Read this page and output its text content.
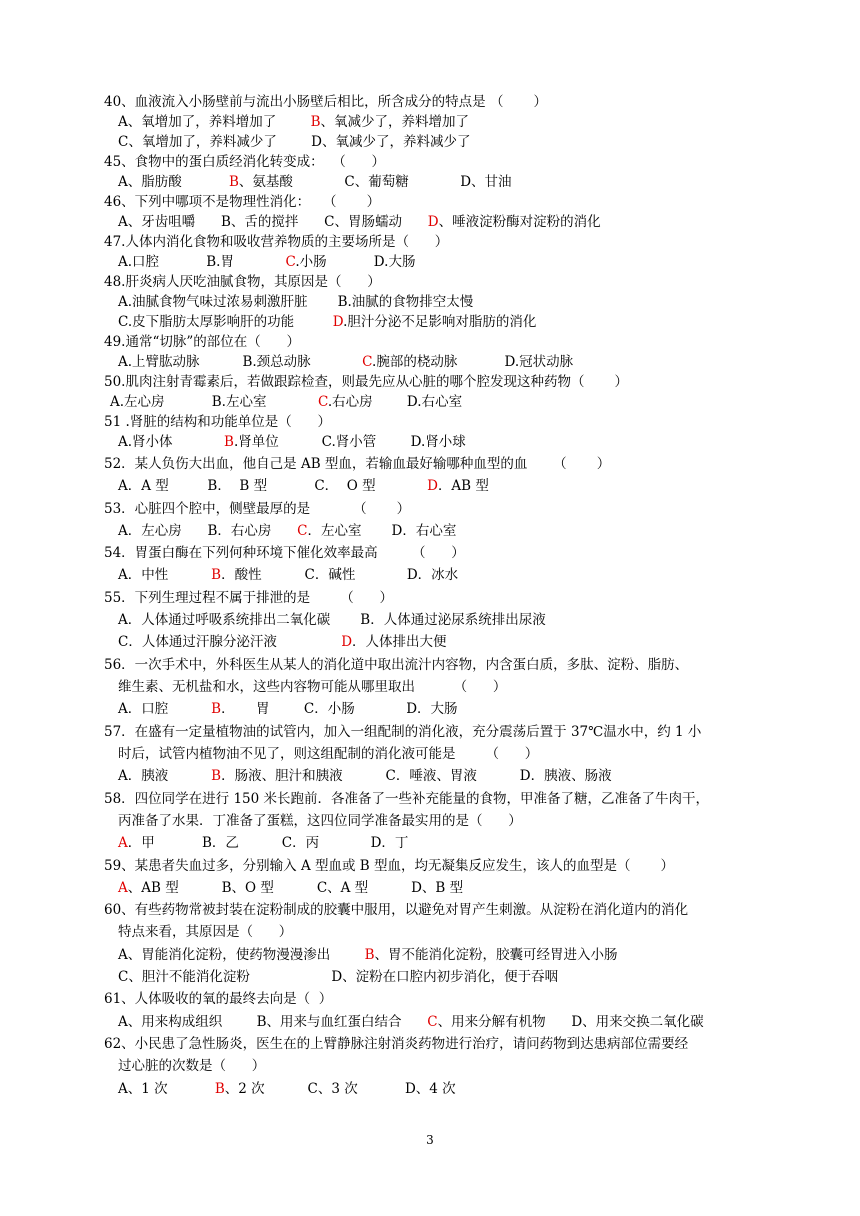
40、血液流入小肠壁前与流出小肠壁后相比，所含成分的特点是 （       ）
A、氧增加了，养料增加了        B、氧减少了，养料增加了
C、氧增加了，养料减少了        D、氧减少了，养料减少了
45、食物中的蛋白质经消化转变成：  （      ）
A、脂肪酸           B、氨基酸            C、葡萄糖            D、甘油
46、下列中哪项不是物理性消化：   （       ）
A、牙齿咀嚼      B、舌的搅拌      C、胃肠蠕动      D、唾液淀粉酶对淀粉的消化
47.人体内消化食物和吸收营养物质的主要场所是（      ）
A.口腔           B.胃            C.小肠           D.大肠
48.肝炎病人厌吃油腻食物，其原因是（      ）
A.油腻食物气味过浓易刺激肝脏       B.油腻的食物排空太慢
C.皮下脂肪太厚影响肝的功能         D.胆汁分泌不足影响对脂肪的消化
49.通常“切脉”的部位在（      ）
A.上臂肱动脉          B.颈总动脉            C.腕部的桡动脉           D.冠状动脉
50.肌肉注射青霉素后，若做跟踪检查，则最先应从心脏的哪个腔发现这种药物（       ）
A.左心房           B.左心室            C.右心房        D.右心室
51 .肾脏的结构和功能单位是（      ）
A.肾小体            B.肾单位          C.肾小管        D.肾小球
52．某人负伤大出血，他自己是 AB 型血，若输血最好输哪种血型的血      （       ）
A．A 型         B．  B 型           C．  O 型            D．AB 型
53．心脏四个腔中，侧壁最厚的是          （       ）
A．左心房      B．右心房      C．左心室       D．右心室
54．胃蛋白酶在下列何种环境下催化效率最高        （      ）
A．中性          B．酸性          C．碱性            D．冰水
55．下列生理过程不属于排泄的是       （      ）
A．人体通过呼吸系统排出二氧化碳       B．人体通过泌尿系统排出尿液
C．人体通过汗腺分泌汗液               D．人体排出大便
56．一次手术中，外科医生从某人的消化道中取出流汁内容物，内含蛋白质，多肽、淀粉、脂肪、
维生素、无机盐和水，这些内容物可能从哪里取出         （      ）
A．口腔          B．     胃        C．小肠            D．大肠
57．在盛有一定量植物油的试管内，加入一组配制的消化液，充分震荡后置于 37℃温水中，约 1 小
时后，试管内植物油不见了，则这组配制的消化液可能是       （      ）
A．胰液          B．肠液、胆汁和胰液          C．唾液、胃液          D．胰液、肠液
58．四位同学在进行 150 米长跑前．各准备了一些补充能量的食物，甲准备了糖，乙准备了牛肉干，
丙准备了水果．丁准备了蛋糕，这四位同学准备最实用的是（      ）
A．甲           B．乙          C．丙            D．丁
59、某患者失血过多，分别输入 A 型血或 B 型血，均无凝集反应发生，该人的血型是（       ）
A、AB 型          B、O 型          C、A 型          D、B 型
60、有些药物常被封装在淀粉制成的胶囊中服用，以避免对胃产生刺激。从淀粉在消化道内的消化
特点来看，其原因是（      ）
A、胃能消化淀粉，使药物漫漫渗出        B、胃不能消化淀粉，胶囊可经胃进入小肠
C、胆汁不能消化淀粉                   D、淀粉在口腔内初步消化，便于吞咽
61、人体吸收的氧的最终去向是（  ）
A、用来构成组织        B、用来与血红蛋白结合      C、用来分解有机物      D、用来交换二氧化碳
62、小民患了急性肠炎，医生在的上臂静脉注射消炎药物进行治疗，请问药物到达患病部位需要经
过心脏的次数是（      ）
A、1 次           B、2 次          C、3 次           D、4 次
3
